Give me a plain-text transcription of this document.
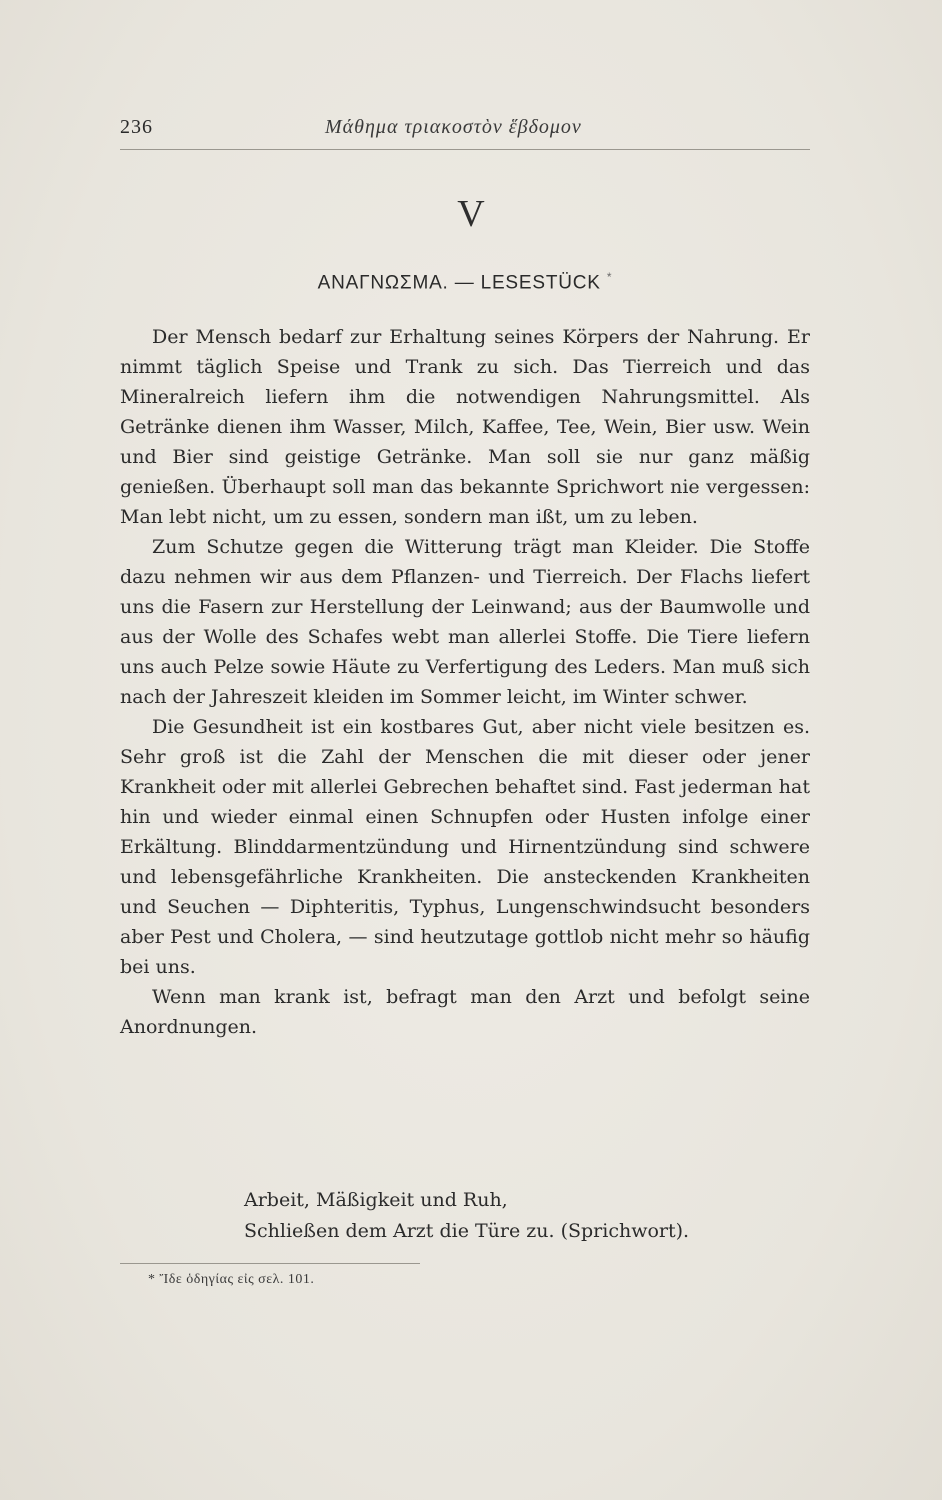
236	Μάθημα τριακοστὸν ἕβδομον
V
ΑΝΑΓΝΩΣΜΑ. — LESESTÜCK *

Der Mensch bedarf zur Erhaltung seines Körpers der Nahrung. Er nimmt täglich Speise und Trank zu sich. Das Tierreich und das Mineralreich liefern ihm die notwendigen Nahrungsmittel. Als Getränke dienen ihm Wasser, Milch, Kaffee, Tee, Wein, Bier usw. Wein und Bier sind geistige Getränke. Man soll sie nur ganz mäßig genießen. Überhaupt soll man das bekannte Sprichwort nie vergessen: Man lebt nicht, um zu essen, sondern man ißt, um zu leben.

Zum Schutze gegen die Witterung trägt man Kleider. Die Stoffe dazu nehmen wir aus dem Pflanzen- und Tierreich. Der Flachs liefert uns die Fasern zur Herstellung der Leinwand; aus der Baumwolle und aus der Wolle des Schafes webt man allerlei Stoffe. Die Tiere liefern uns auch Pelze sowie Häute zu Verfertigung des Leders. Man muß sich nach der Jahreszeit kleiden im Sommer leicht, im Winter schwer.

Die Gesundheit ist ein kostbares Gut, aber nicht viele besitzen es. Sehr groß ist die Zahl der Menschen die mit dieser oder jener Krankheit oder mit allerlei Gebrechen behaftet sind. Fast jederman hat hin und wieder einmal einen Schnupfen oder Husten infolge einer Erkältung. Blinddarmentzündung und Hirnentzündung sind schwere und lebensgefährliche Krankheiten. Die ansteckenden Krankheiten und Seuchen — Diphteritis, Typhus, Lungenschwindsucht besonders aber Pest und Cholera, — sind heutzutage gottlob nicht mehr so häufig bei uns.

Wenn man krank ist, befragt man den Arzt und befolgt seine Anordnungen.

Arbeit, Mäßigkeit und Ruh,
Schließen dem Arzt die Türe zu. (Sprichwort).
* Ἴδε ὁδηγίας εἰς σελ. 101.
